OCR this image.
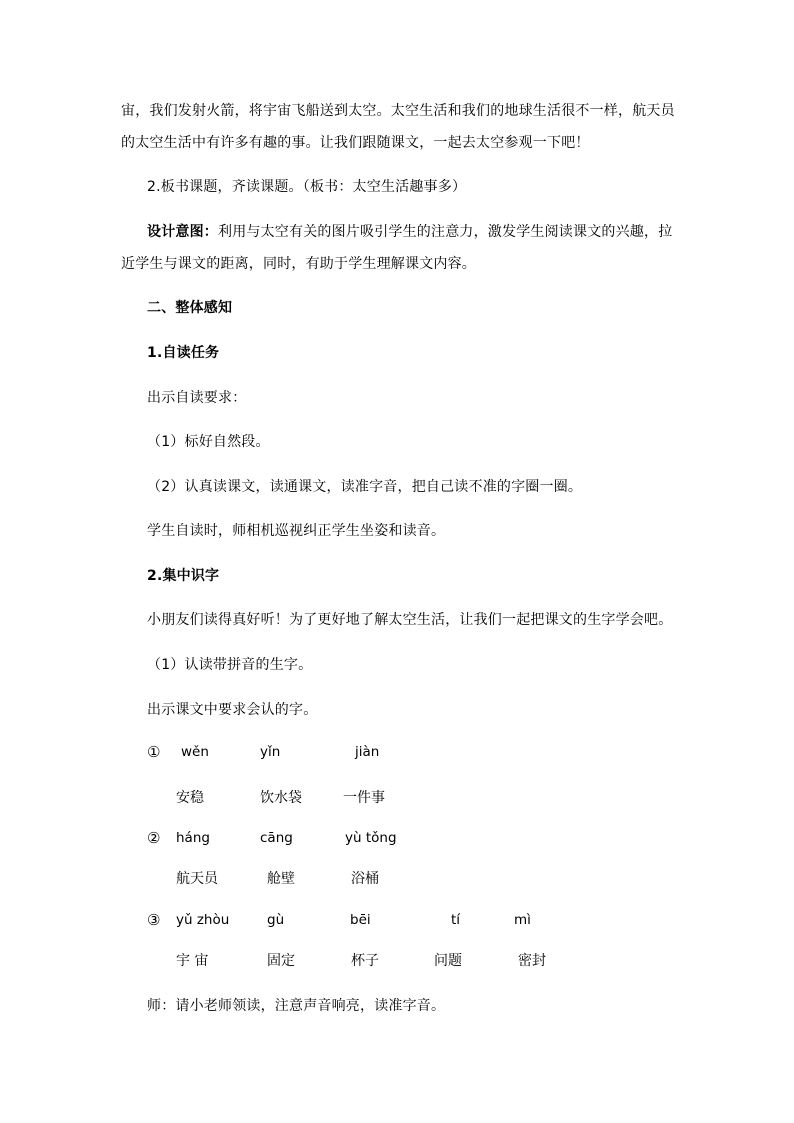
宙，我们发射火箭，将宇宙飞船送到太空。太空生活和我们的地球生活很不一样，航天员
的太空生活中有许多有趣的事。让我们跟随课文，一起去太空参观一下吧！
2.板书课题，齐读课题。（板书：太空生活趣事多）
设计意图：利用与太空有关的图片吸引学生的注意力，激发学生阅读课文的兴趣，拉
近学生与课文的距离，同时，有助于学生理解课文内容。
二、整体感知
1.自读任务
出示自读要求：
（1）标好自然段。
（2）认真读课文，读通课文，读准字音，把自己读不准的字圈一圈。
学生自读时，师相机巡视纠正学生坐姿和读音。
2.集中识字
小朋友们读得真好听！为了更好地了解太空生活，让我们一起把课文的生字学会吧。
（1）认读带拼音的生字。
出示课文中要求会认的字。
① wěn	yǐn	jiàn
安稳	饮水袋	一件事
② háng	cāng	yù tǒng
航天员	舱壁	浴桶
③ yǔ zhòu	gù	bēi	tí	mì
宇 宙	固定	杯子	问题	密封
师：请小老师领读，注意声音响亮，读准字音。
